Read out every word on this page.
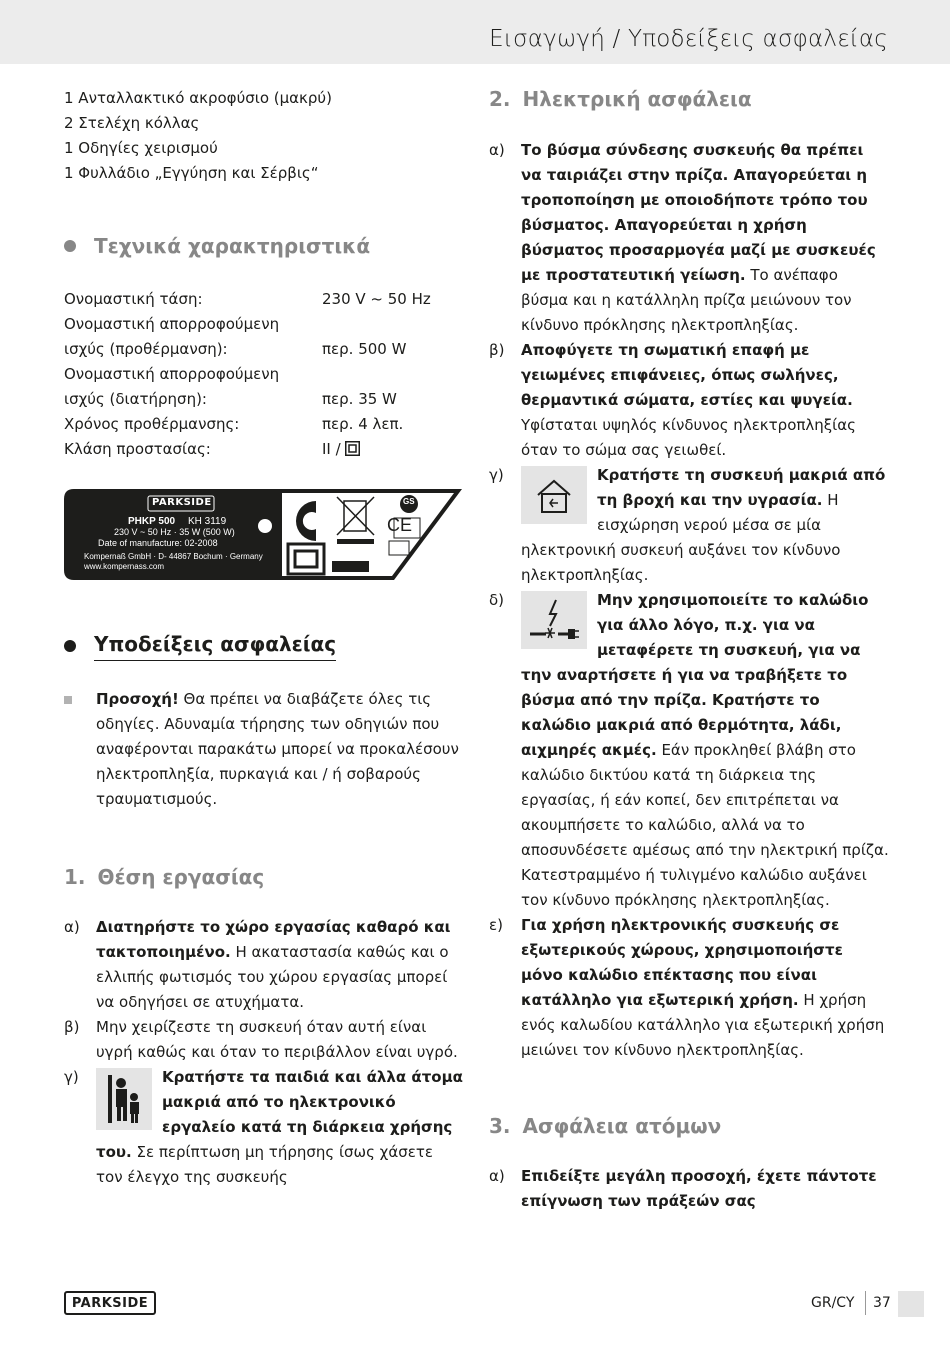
Εισαγωγή / Υποδείξεις ασφαλείας

1 Ανταλλακτικό ακροφύσιο (μακρύ)

2 Στελέχη κόλλας

1 Οδηγίες χειρισμού

1 Φυλλάδιο „Εγγύηση και Σέρβις“

Τεχνικά χαρακτηριστικά
Ονομαστική τάση:	230 V ~ 50 Hz
Ονομαστική απορροφούμενη
ισχύς (προθέρμανση):	περ. 500 W
Ονομαστική απορροφούμενη
ισχύς (διατήρηση):	περ. 35 W
Χρόνος προθέρμανσης:	περ. 4 λεπ.
Κλάση προστασίας:	II /
PARKSIDE
PHKP 500 KH 3119
230 V ~ 50 Hz · 35 W (500 W)
Date of manufacture: 02-2008
Kompernaß GmbH · D- 44867 Bochum · Germany
www.kompernass.com
CE
GS
Υποδείξεις ασφαλείας
Προσοχή! Θα πρέπει να διαβάζετε όλες τις οδηγίες. Αδυναμία τήρησης των οδηγιών που αναφέρονται παρακάτω μπορεί να προκαλέσουν ηλεκτροπληξία, πυρκαγιά και / ή σοβαρούς τραυματισμούς.
1. Θέση εργασίας
α)	Διατηρήστε το χώρο εργασίας καθαρό και τακτοποιημένο. Η ακαταστασία καθώς και ο ελλιπής φωτισμός του χώρου εργασίας μπορεί να οδηγήσει σε ατυχήματα.
β)	Μην χειρίζεστε τη συσκευή όταν αυτή είναι υγρή καθώς και όταν το περιβάλλον είναι υγρό.
γ)	Κρατήστε τα παιδιά και άλλα άτομα μακριά από το ηλεκτρονικό εργαλείο κατά τη διάρκεια χρήσης του. Σε περίπτωση μη τήρησης ίσως χάσετε τον έλεγχο της συσκευής
2. Ηλεκτρική ασφάλεια
α)	Το βύσμα σύνδεσης συσκευής θα πρέπει να ταιριάζει στην πρίζα. Απαγορεύεται η τροποποίηση με οποιοδήποτε τρόπο του βύσματος. Απαγορεύεται η χρήση βύσματος προσαρμογέα μαζί με συσκευές με προστατευτική γείωση. Το ανέπαφο βύσμα και η κατάλληλη πρίζα μειώνουν τον κίνδυνο πρόκλησης ηλεκτροπληξίας.
β)	Αποφύγετε τη σωματική επαφή με γειωμένες επιφάνειες, όπως σωλήνες, θερμαντικά σώματα, εστίες και ψυγεία. Υφίσταται υψηλός κίνδυνος ηλεκτροπληξίας όταν το σώμα σας γειωθεί.
γ)	Κρατήστε τη συσκευή μακριά από τη βροχή και την υγρασία. Η εισχώρηση νερού μέσα σε μία ηλεκτρονική συσκευή αυξάνει τον κίνδυνο ηλεκτροπληξίας.
δ)	Μην χρησιμοποιείτε το καλώδιο για άλλο λόγο, π.χ. για να μεταφέρετε τη συσκευή, για να την αναρτήσετε ή για να τραβήξετε το βύσμα από την πρίζα. Κρατήστε το καλώδιο μακριά από θερμότητα, λάδι, αιχμηρές ακμές. Εάν προκληθεί βλάβη στο καλώδιο δικτύου κατά τη διάρκεια της εργασίας, ή εάν κοπεί, δεν επιτρέπεται να ακουμπήσετε το καλώδιο, αλλά να το αποσυνδέσετε αμέσως από την ηλεκτρική πρίζα. Κατεστραμμένο ή τυλιγμένο καλώδιο αυξάνει τον κίνδυνο πρόκλησης ηλεκτροπληξίας.
ε)	Για χρήση ηλεκτρονικής συσκευής σε εξωτερικούς χώρους, χρησιμοποιήστε μόνο καλώδιο επέκτασης που είναι κατάλληλο για εξωτερική χρήση. Η χρήση ενός καλωδίου κατάλληλο για εξωτερική χρήση μειώνει τον κίνδυνο ηλεκτροπληξίας.
3. Ασφάλεια ατόμων
α)	Επιδείξτε μεγάλη προσοχή, έχετε πάντοτε επίγνωση των πράξεών σας
PARKSIDE	GR/CY 37
